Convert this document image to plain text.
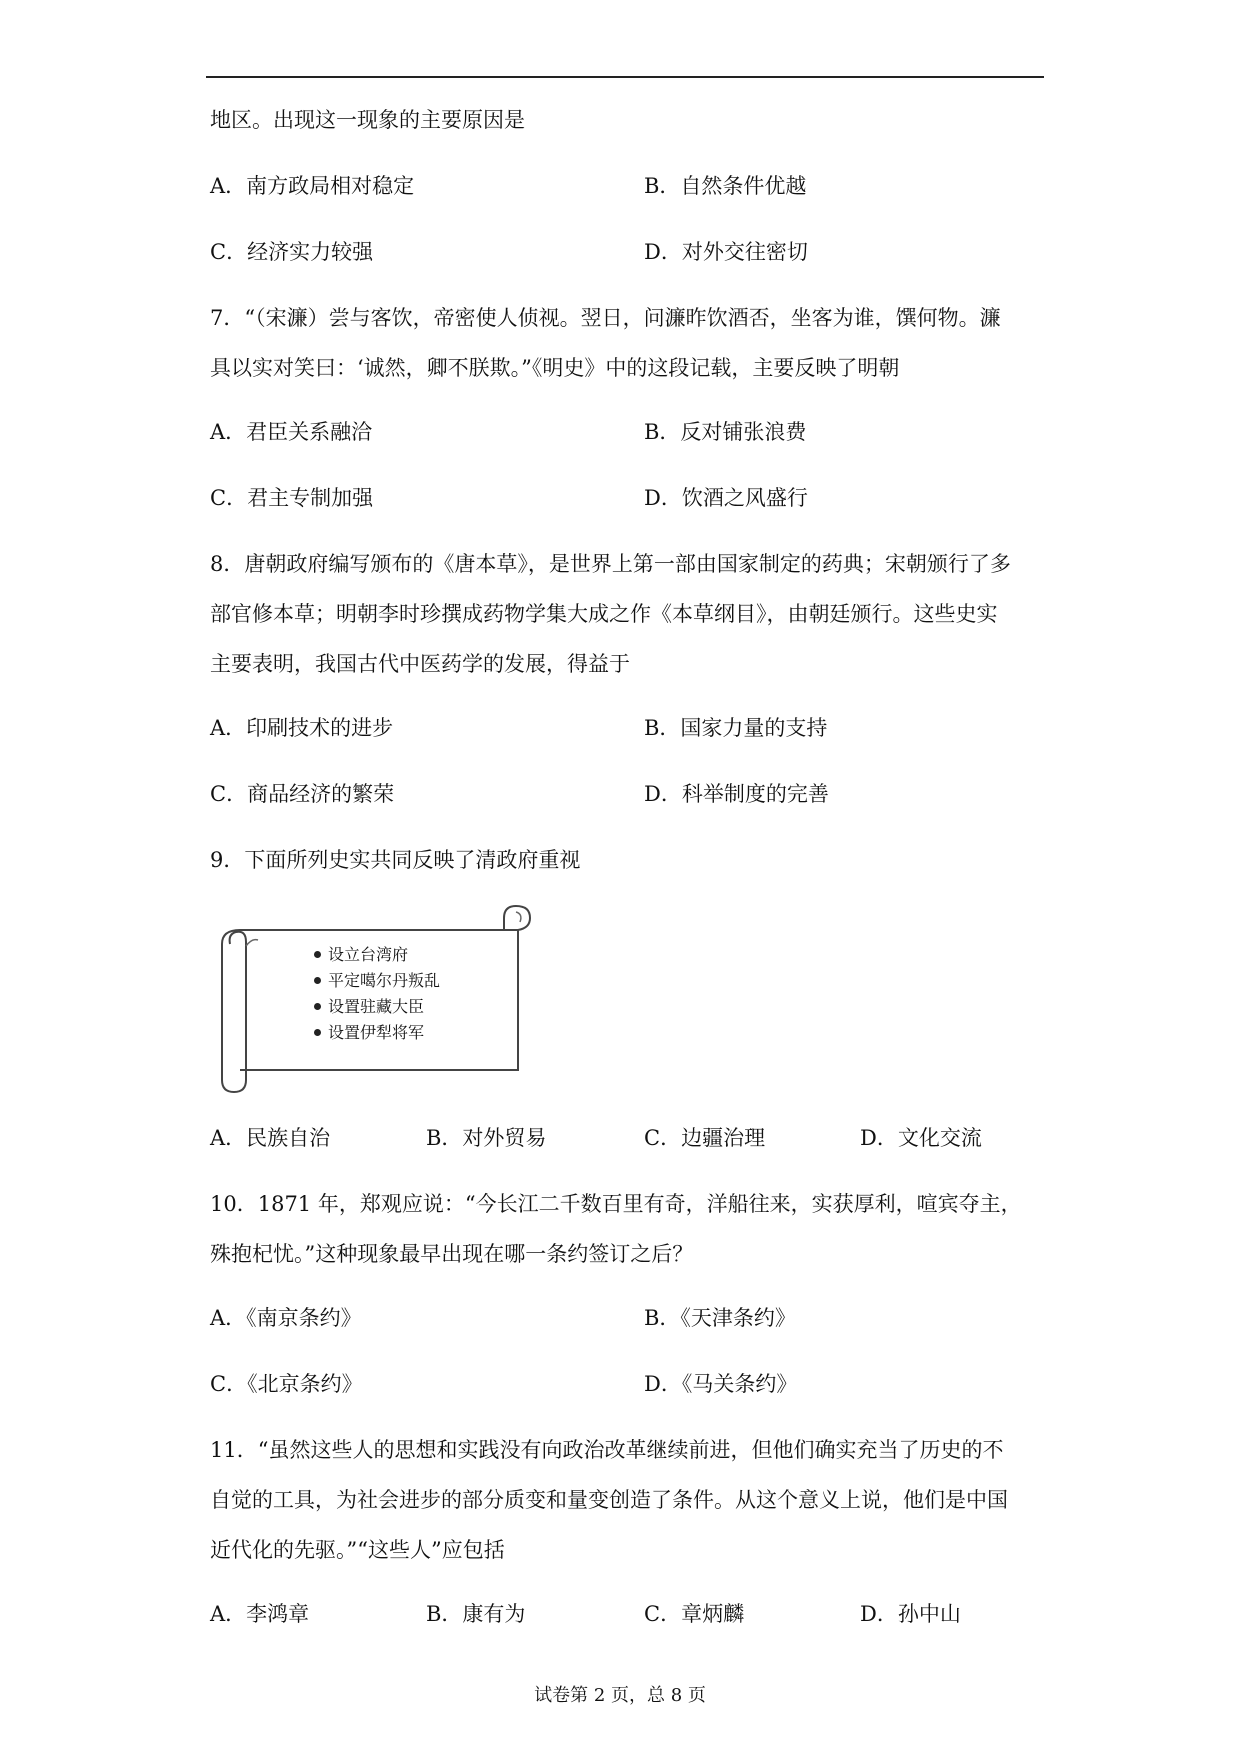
地区。出现这一现象的主要原因是
A．南方政局相对稳定	B．自然条件优越
C．经济实力较强	D．对外交往密切
7．“（宋濂）尝与客饮，帝密使人侦视。翌日，问濂昨饮酒否，坐客为谁，馔何物。濂
具以实对笑曰：‘诚然，卿不朕欺。”《明史》中的这段记载，主要反映了明朝
A．君臣关系融洽	B．反对铺张浪费
C．君主专制加强	D．饮酒之风盛行
8．唐朝政府编写颁布的《唐本草》，是世界上第一部由国家制定的药典；宋朝颁行了多
部官修本草；明朝李时珍撰成药物学集大成之作《本草纲目》，由朝廷颁行。这些史实
主要表明，我国古代中医药学的发展，得益于
A．印刷技术的进步	B．国家力量的支持
C．商品经济的繁荣	D．科举制度的完善
9．下面所列史实共同反映了清政府重视
设立台湾府
平定噶尔丹叛乱
设置驻藏大臣
设置伊犁将军
A．民族自治	B．对外贸易	C．边疆治理	D．文化交流
10．1871 年，郑观应说：“今长江二千数百里有奇，洋船往来，实获厚利，喧宾夺主，
殊抱杞忧。”这种现象最早出现在哪一条约签订之后？
A．《南京条约》	B．《天津条约》
C．《北京条约》	D．《马关条约》
11．“虽然这些人的思想和实践没有向政治改革继续前进，但他们确实充当了历史的不
自觉的工具，为社会进步的部分质变和量变创造了条件。从这个意义上说，他们是中国
近代化的先驱。”“这些人”应包括
A．李鸿章	B．康有为	C．章炳麟	D．孙中山
试卷第 2 页，总 8 页
